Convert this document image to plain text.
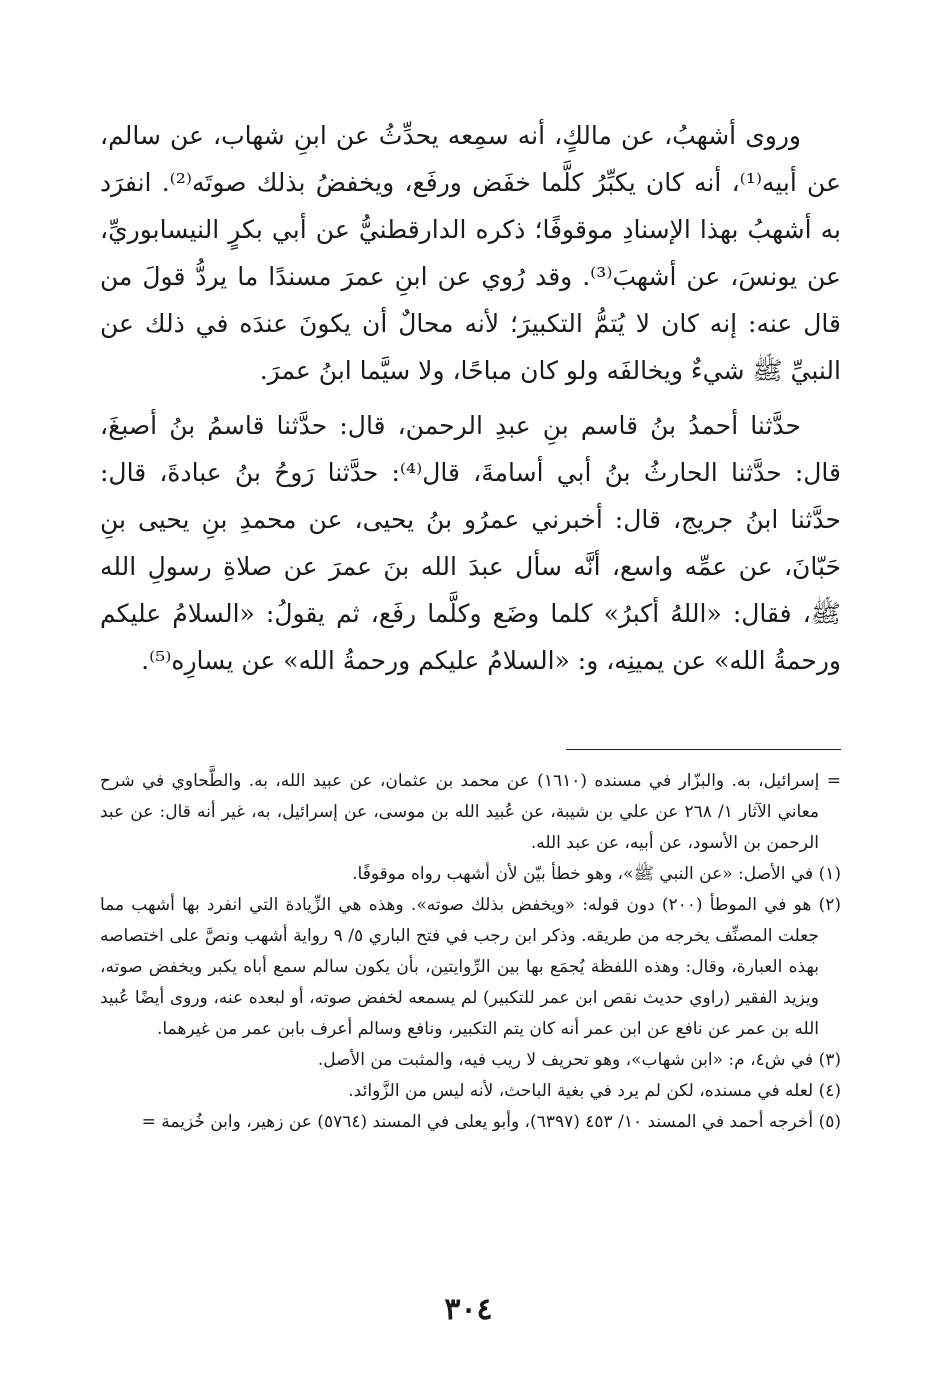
وروى أشهبُ، عن مالكٍ، أنه سمِعه يحدِّثُ عن ابنِ شهاب، عن سالم، عن أبيه⁽¹⁾، أنه كان يكبِّرُ كلَّما خفَض ورفَع، ويخفضُ بذلك صوتَه⁽²⁾. انفرَد به أشهبُ بهذا الإسنادِ موقوفًا؛ ذكره الدارقطنيُّ عن أبي بكرٍ النيسابوريِّ، عن يونسَ، عن أشهبَ⁽³⁾. وقد رُوي عن ابنِ عمرَ مسندًا ما يردُّ قولَ من قال عنه: إنه كان لا يُتمُّ التكبيرَ؛ لأنه محالٌ أن يكونَ عندَه في ذلك عن النبيِّ ﷺ شيءٌ ويخالفَه ولو كان مباحًا، ولا سيَّما ابنُ عمرَ.

حدَّثنا أحمدُ بنُ قاسم بنِ عبدِ الرحمن، قال: حدَّثنا قاسمُ بنُ أصبغَ، قال: حدَّثنا الحارثُ بنُ أبي أسامةَ، قال⁽⁴⁾: حدَّثنا رَوحُ بنُ عبادةَ، قال: حدَّثنا ابنُ جريج، قال: أخبرني عمرُو بنُ يحيى، عن محمدِ بنِ يحيى بنِ حَبّانَ، عن عمِّه واسع، أنَّه سأل عبدَ الله بنَ عمرَ عن صلاةِ رسولِ الله ﷺ، فقال: «اللهُ أكبرُ» كلما وضَع وكلَّما رفَع، ثم يقولُ: «السلامُ عليكم ورحمةُ الله» عن يمينِه، و: «السلامُ عليكم ورحمةُ الله» عن يسارِه⁽⁵⁾.

= إسرائيل، به. والبزّار في مسنده (١٦١٠) عن محمد بن عثمان، عن عبيد الله، به. والطَّحاوي في شرح معاني الآثار ١/ ٢٦٨ عن علي بن شيبة، عن عُبيد الله بن موسى، عن إسرائيل، به، غير أنه قال: عن عبد الرحمن بن الأسود، عن أبيه، عن عبد الله.

(١) في الأصل: «عن النبي ﷺ»، وهو خطأ بيّن لأن أشهب رواه موقوفًا.

(٢) هو في الموطأ (٢٠٠) دون قوله: «ويخفض بذلك صوته». وهذه هي الزِّيادة التي انفرد بها أشهب مما جعلت المصنِّف يخرجه من طريقه. وذكر ابن رجب في فتح الباري ٥/ ٩ رواية أشهب ونصَّ على اختصاصه بهذه العبارة، وقال: وهذه اللفظة يُجمَع بها بين الرِّوايتين، بأن يكون سالم سمع أباه يكبر ويخفض صوته، ويزيد الفقير (راوي حديث نقص ابن عمر للتكبير) لم يسمعه لخفض صوته، أو لبعده عنه، وروى أيضًا عُبيد الله بن عمر عن نافع عن ابن عمر أنه كان يتم التكبير، ونافع وسالم أعرف بابن عمر من غيرهما.

(٣) في ش٤، م: «ابن شهاب»، وهو تحريف لا ريب فيه، والمثبت من الأصل.

(٤) لعله في مسنده، لكن لم يرد في بغية الباحث، لأنه ليس من الزَّوائد.

(٥) أخرجه أحمد في المسند ١٠/ ٤٥٣ (٦٣٩٧)، وأبو يعلى في المسند (٥٧٦٤) عن زهير، وابن خُزيمة =

٣٠٤
